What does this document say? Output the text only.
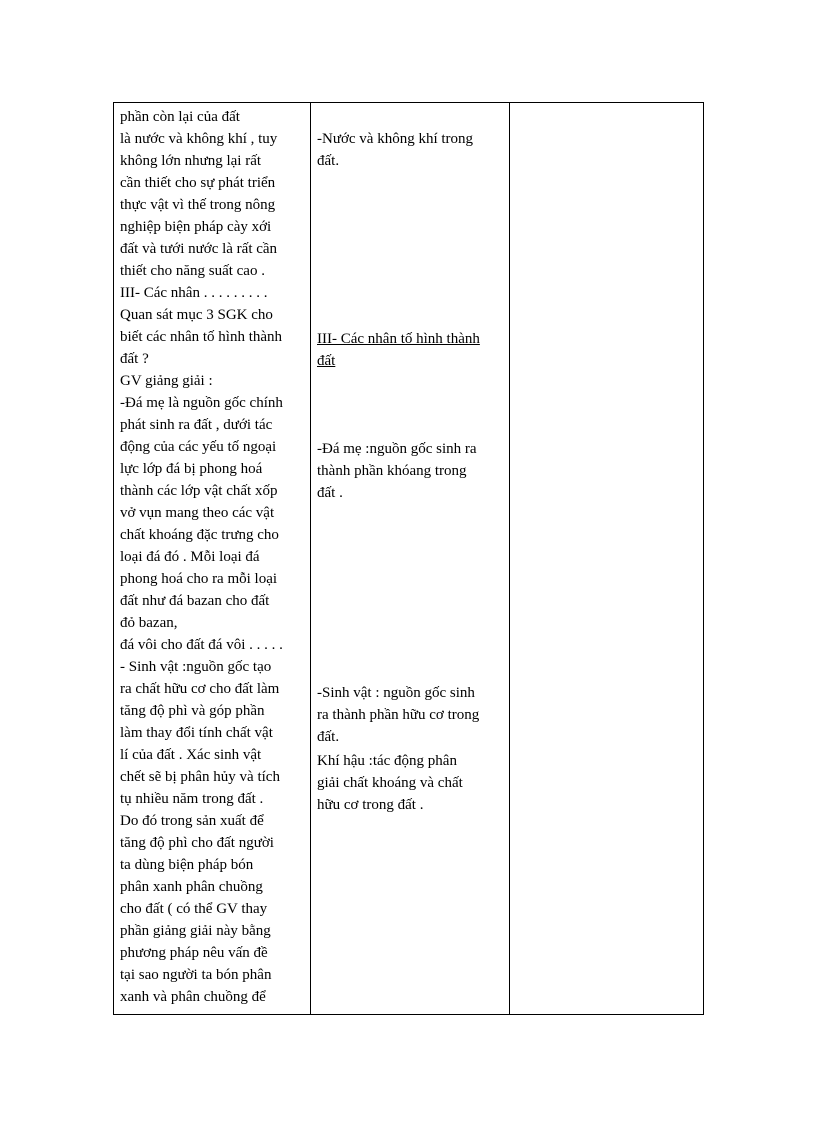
phần còn lại của đất
là nước và không khí , tuy
không lớn nhưng lại rất
cần thiết cho sự phát triển
thực vật vì thế trong nông
nghiệp biện pháp cày xới
đất và tưới nước là rất cần
thiết cho năng suất cao .
III- Các nhân . . . . . . . . .
Quan sát mục 3 SGK cho
biết các nhân tố hình thành
đất ?
GV giảng giải :
-Đá mẹ là nguồn gốc chính
phát sinh ra đất , dưới tác
động của các yếu tố ngoại
lực lớp đá bị phong hoá
thành các lớp vật chất xốp
vở vụn mang theo các vật
chất khoáng đặc trưng cho
loại đá đó . Mỗi loại đá
phong hoá cho ra mỗi loại
đất như đá bazan cho đất
đỏ bazan,
đá vôi cho đất đá vôi . . . . .
- Sinh vật :nguồn gốc tạo
ra chất hữu cơ cho đất làm
tăng độ phì và góp phần
làm thay đổi tính chất vật
lí của đất . Xác sinh vật
chết sẽ bị phân hủy và tích
tụ nhiều năm trong đất .
Do đó trong sản xuất để
tăng độ phì cho đất người
ta dùng biện pháp bón
phân xanh phân chuồng
cho đất ( có thể GV thay
phần giảng giải này bằng
phương pháp nêu vấn đề
tại sao người ta bón phân
xanh và phân chuồng để
-Nước và không khí trong
đất.
III- Các nhân tố hình thành
đất
-Đá mẹ :nguồn gốc sinh ra
thành phần khóang trong
đất .
-Sinh vật : nguồn gốc sinh
ra thành phần hữu cơ trong
đất.
Khí hậu :tác động phân
giải chất khoáng và chất
hữu cơ trong đất .
